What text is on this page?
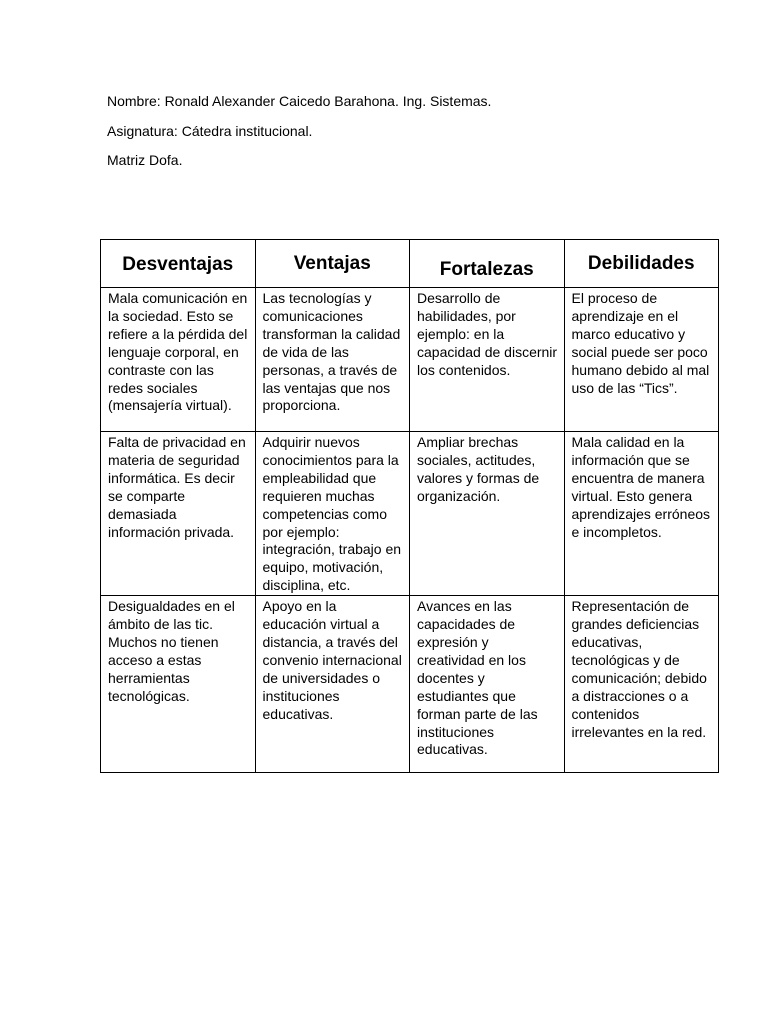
Nombre: Ronald Alexander Caicedo Barahona. Ing. Sistemas.
Asignatura: Cátedra institucional.
Matriz Dofa.
Desventajas	Ventajas	Fortalezas	Debilidades
Mala comunicación en la sociedad. Esto se refiere a la pérdida del lenguaje corporal, en contraste con las redes sociales (mensajería virtual).	Las tecnologías y comunicaciones transforman la calidad de vida de las personas, a través de las ventajas que nos proporciona.	Desarrollo de habilidades, por ejemplo: en la capacidad de discernir los contenidos.	El proceso de aprendizaje en el marco educativo y social puede ser poco humano debido al mal uso de las “Tics”.
Falta de privacidad en materia de seguridad informática. Es decir se comparte demasiada información privada.	Adquirir nuevos conocimientos para la empleabilidad que requieren muchas competencias como por ejemplo: integración, trabajo en equipo, motivación, disciplina, etc.	Ampliar brechas sociales, actitudes, valores y formas de organización.	Mala calidad en la información que se encuentra de manera virtual. Esto genera aprendizajes erróneos e incompletos.
Desigualdades en el ámbito de las tic. Muchos no tienen acceso a estas herramientas tecnológicas.	Apoyo en la educación virtual a distancia, a través del convenio internacional de universidades o instituciones educativas.	Avances en las capacidades de expresión y creatividad en los docentes y estudiantes que forman parte de las instituciones educativas.	Representación de grandes deficiencias educativas, tecnológicas y de comunicación; debido a distracciones o a contenidos irrelevantes en la red.
